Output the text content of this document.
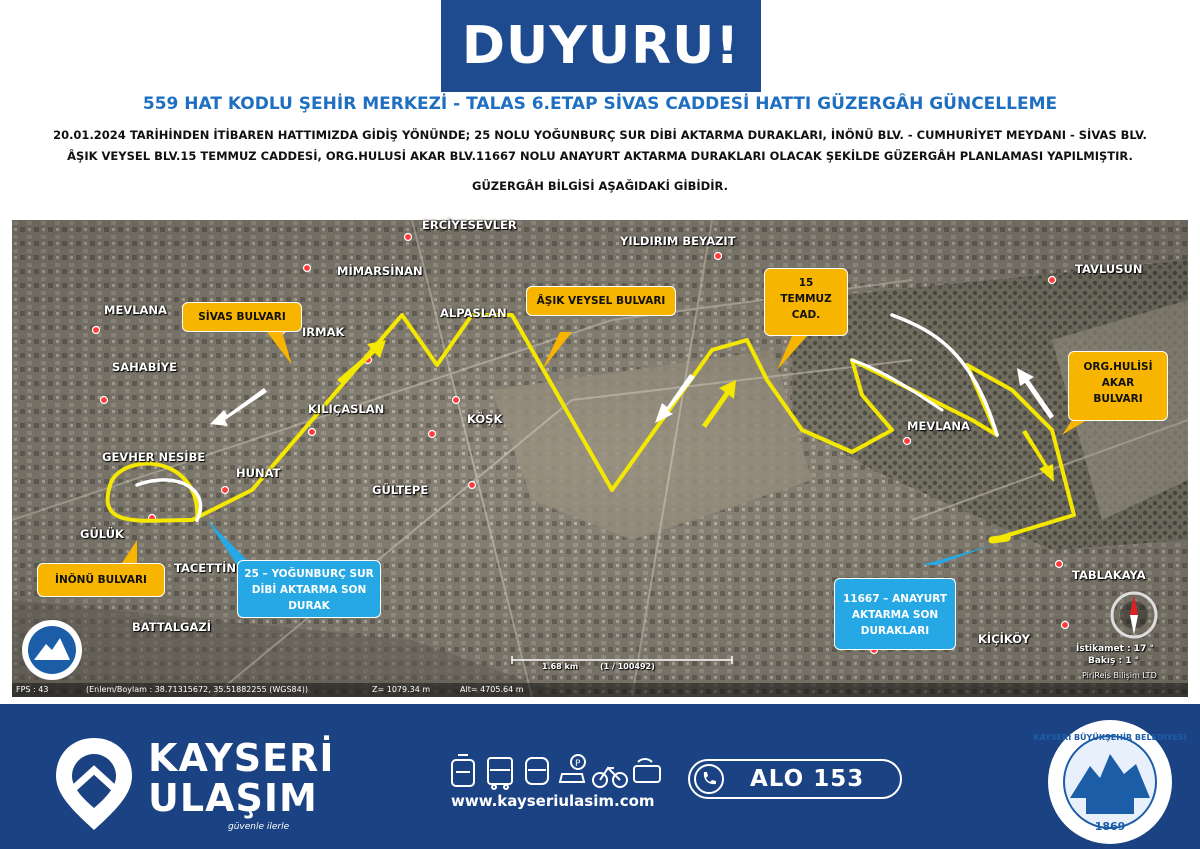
DUYURU!
559 HAT KODLU ŞEHİR MERKEZİ - TALAS 6.ETAP SİVAS CADDESİ HATTI GÜZERGÂH GÜNCELLEME
20.01.2024 TARİHİNDEN İTİBAREN HATTIMIZDA GİDİŞ YÖNÜNDE; 25 NOLU YOĞUNBURÇ SUR DİBİ AKTARMA DURAKLARI, İNÖNÜ BLV. - CUMHURİYET MEYDANI - SİVAS BLV.
ÂŞIK VEYSEL BLV.15 TEMMUZ CADDESİ, ORG.HULUSİ AKAR BLV.11667 NOLU ANAYURT AKTARMA DURAKLARI OLACAK ŞEKİLDE GÜZERGÂH PLANLAMASI YAPILMIŞTIR.
GÜZERGÂH BİLGİSİ AŞAĞIDAKİ GİBİDİR.
ERCİYESEVLER
YILDIRIM BEYAZIT
MİMARSİNAN	TAVLUSUN
MEVLANA	ALPASLAN
IRMAK
SAHABİYE
KILIÇASLAN
KÖŞK	MEVLANA
GEVHER NESİBE
HUNAT
GÜLTEPE
GÜLÜK
TACETTİN	TABLAKAYA
BATTALGAZİ
KİÇİKÖY
SİVAS BULVARI
ÂŞIK VEYSEL BULVARI
15
TEMMUZ
CAD.
ORG.HULİSİ
AKAR
BULVARI
İNÖNÜ BULVARI	25 – YOĞUNBURÇ SUR
DİBİ AKTARMA SON
DURAK
11667 – ANAYURT
AKTARMA SON
DURAKLARI
İstikamet : 17 °
Bakış : 1 °
1.68 km	(1 / 100492)
PiriReis Bilişim LTD
FPS : 43	(Enlem/Boylam : 38.71315672, 35.51882255 (WGS84))	Z= 1079.34 m	Alt= 4705.64 m
KAYSERİ
ULAŞIM
güvenle ilerle
P
www.kayseriulasim.com
ALO 153
KAYSERİ BÜYÜKŞEHİR BELEDİYESİ
1869
